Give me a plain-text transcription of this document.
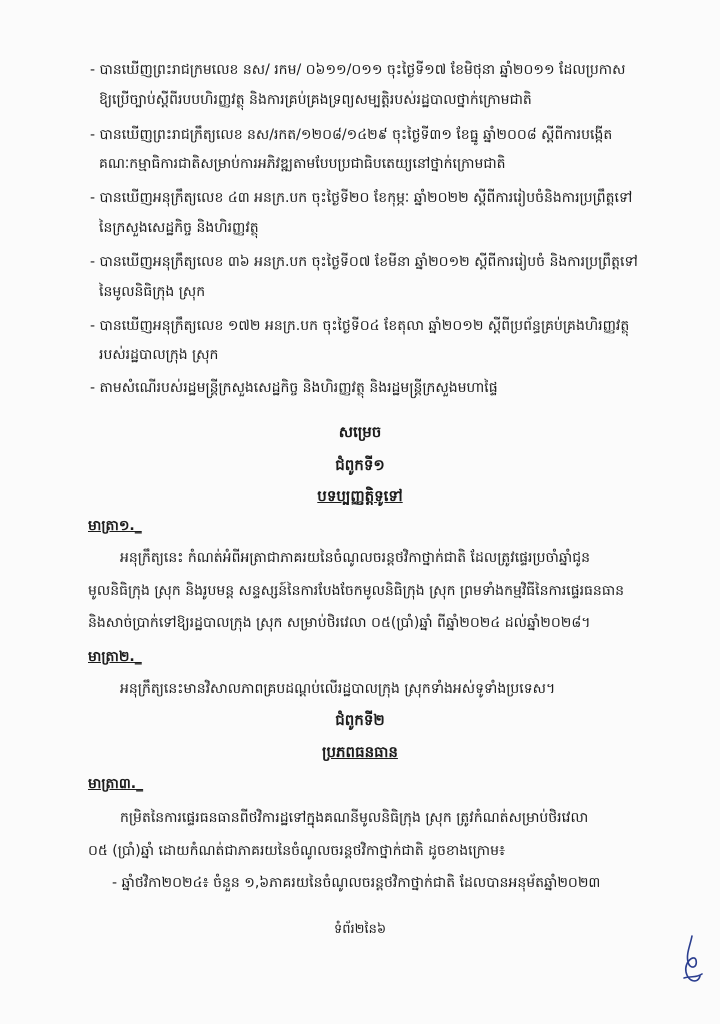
- បានឃើញព្រះរាជក្រមលេខ នស/ រកម/ ០៦១១/០១១ ចុះថ្ងៃទី១៧ ខែមិថុនា ឆ្នាំ២០១១ ដែលប្រកាស
ឱ្យប្រើច្បាប់ស្តីពីរបបហិរញ្ញវត្ថុ និងការគ្រប់គ្រងទ្រព្យសម្បត្តិរបស់រដ្ឋបាលថ្នាក់ក្រោមជាតិ
- បានឃើញព្រះរាជក្រឹត្យលេខ នស/រកត/១២០៨/១៤២៩ ចុះថ្ងៃទី៣១ ខែធ្នូ ឆ្នាំ២០០៨ ស្តីពីការបង្កើត
គណៈកម្មាធិការជាតិសម្រាប់ការអភិវឌ្ឍតាមបែបប្រជាធិបតេយ្យនៅថ្នាក់ក្រោមជាតិ
- បានឃើញអនុក្រឹត្យលេខ ៤៣ អនក្រ.បក ចុះថ្ងៃទី២០ ខែកុម្ភៈ ឆ្នាំ២០២២ ស្តីពីការរៀបចំនិងការប្រព្រឹត្តទៅ
នៃក្រសួងសេដ្ឋកិច្ច និងហិរញ្ញវត្ថុ
- បានឃើញអនុក្រឹត្យលេខ ៣៦ អនក្រ.បក ចុះថ្ងៃទី០៧ ខែមីនា ឆ្នាំ២០១២ ស្តីពីការរៀបចំ និងការប្រព្រឹត្តទៅ
នៃមូលនិធិក្រុង ស្រុក
- បានឃើញអនុក្រឹត្យលេខ ១៧២ អនក្រ.បក ចុះថ្ងៃទី០៤ ខែតុលា ឆ្នាំ២០១២ ស្តីពីប្រព័ន្ធគ្រប់គ្រងហិរញ្ញវត្ថុ
របស់រដ្ឋបាលក្រុង ស្រុក
- តាមសំណើរបស់រដ្ឋមន្ត្រីក្រសួងសេដ្ឋកិច្ច និងហិរញ្ញវត្ថុ និងរដ្ឋមន្ត្រីក្រសួងមហាផ្ទៃ
សម្រេច
ជំពូកទី១
បទប្បញ្ញត្តិទូទៅ
មាត្រា១._
អនុក្រឹត្យនេះ កំណត់អំពីអត្រាជាភាគរយនៃចំណូលចរន្តថវិកាថ្នាក់ជាតិ ដែលត្រូវផ្ទេរប្រចាំឆ្នាំជូន
មូលនិធិក្រុង ស្រុក និងរូបមន្ត សន្ទស្សន៍នៃការបែងចែកមូលនិធិក្រុង ស្រុក ព្រមទាំងកម្មវិធីនៃការផ្ទេរធនធាន
និងសាច់ប្រាក់ទៅឱ្យរដ្ឋបាលក្រុង ស្រុក សម្រាប់ថិរវេលា ០៥(ប្រាំ)ឆ្នាំ ពីឆ្នាំ២០២៤ ដល់ឆ្នាំ២០២៨។
មាត្រា២._
អនុក្រឹត្យនេះមានវិសាលភាពគ្របដណ្តប់លើរដ្ឋបាលក្រុង ស្រុកទាំងអស់ទូទាំងប្រទេស។
ជំពូកទី២
ប្រភពធនធាន
មាត្រា៣._
កម្រិតនៃការផ្ទេរធនធានពីថវិការដ្ឋទៅក្នុងគណនីមូលនិធិក្រុង ស្រុក ត្រូវកំណត់សម្រាប់ថិរវេលា
០៥ (ប្រាំ)ឆ្នាំ ដោយកំណត់ជាភាគរយនៃចំណូលចរន្តថវិកាថ្នាក់ជាតិ ដូចខាងក្រោម៖
- ឆ្នាំថវិកា២០២៤៖ ចំនួន ១,៦ភាគរយនៃចំណូលចរន្តថវិកាថ្នាក់ជាតិ ដែលបានអនុម័តឆ្នាំ២០២៣
ទំព័រ២នៃ៦
